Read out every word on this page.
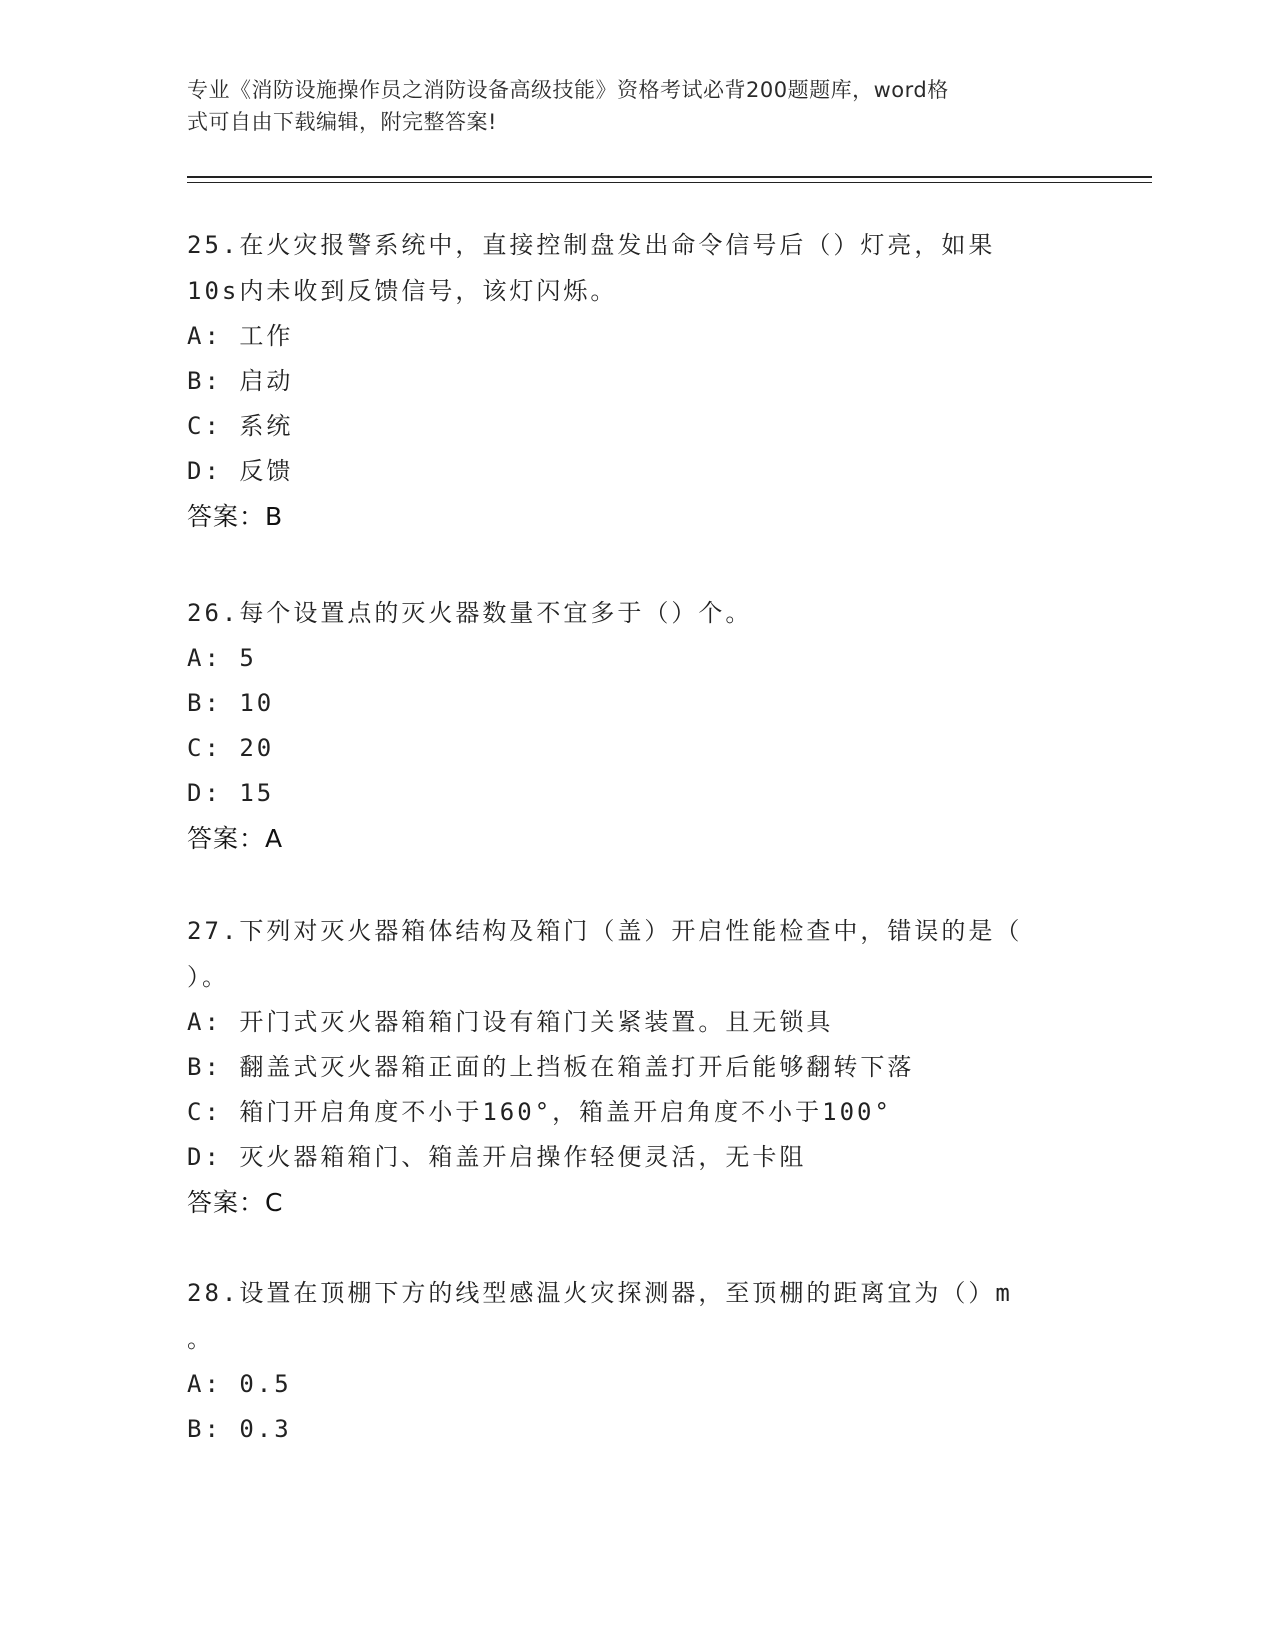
专业《消防设施操作员之消防设备高级技能》资格考试必背200题题库，word格
式可自由下载编辑，附完整答案!
25.在火灾报警系统中，直接控制盘发出命令信号后（）灯亮，如果
10s内未收到反馈信号，该灯闪烁。
A: 工作
B: 启动
C: 系统
D: 反馈
答案：B
26.每个设置点的灭火器数量不宜多于（）个。
A: 5
B: 10
C: 20
D: 15
答案：A
27.下列对灭火器箱体结构及箱门（盖）开启性能检查中，错误的是（
）。
A: 开门式灭火器箱箱门设有箱门关紧装置。且无锁具
B: 翻盖式灭火器箱正面的上挡板在箱盖打开后能够翻转下落
C: 箱门开启角度不小于160°，箱盖开启角度不小于100°
D: 灭火器箱箱门、箱盖开启操作轻便灵活，无卡阻
答案：C
28.设置在顶棚下方的线型感温火灾探测器，至顶棚的距离宜为（）m
。
A: 0.5
B: 0.3
